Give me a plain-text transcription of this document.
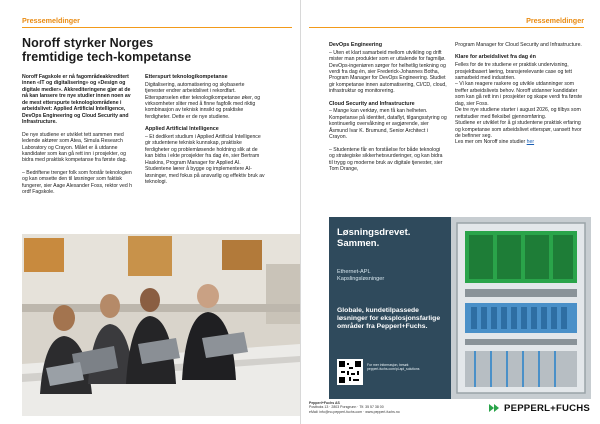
Pressemeldinger
Noroff styrker Norges
fremtidige tech-kompetanse

Noroff Fagskole er nå fagområdeakkreditert innen «IT og digitalisering» og «Design og digitale medier». Akkrediteringene gjør at de nå kan lansere tre nye studier innen noen av de mest etterspurte teknologiområdene i arbeidslivet: Applied Artificial Intelligence, DevOps Engineering og Cloud Security and Infrastructure.

De nye studiene er utviklet tett sammen med ledende aktører som Atea, Simula Research Laboratory og Crayon. Målet er å utdanne kandidater som kan gå rett inn i prosjekter, og bidra med praktisk kompetanse fra første dag.

– Bedriftene trenger folk som forstår teknologien og kan omsette den til løsninger som faktisk fungerer, sier Aage Alexander Foss, rektor ved h ordf Fagskole.

Etterspurt teknologikompetanse

Digitalisering, automatisering og skybaserte tjenester endrer arbeidslivet i rekordfart. Etterspørselen etter teknologikompetanse øker, og virksomheter sliter med å finne fagfolk med riktig kombinasjon av teknisk innsikt og praktiske ferdigheter. Dette er de nye studiene.

Applied Artificial Intelligence

– Et dedikert studium i Applied Artificial Intelligence gir studentene teknisk kunnskap, praktiske ferdigheter og problemløsende holdning slik at de kan bidra i ekte prosjekter fra dag én, sier Bertram Haskins, Program Manager for Applied AI. Studentene lærer å bygge og implementere AI-løsninger, med fokus på ansvarlig og effektiv bruk av teknologi.

Pressemeldinger
DevOps Engineering

– Uten et klart samarbeid mellom utvikling og drift mister man produkter som er uttalende for fagmiljø. DevOps-ingeniøren sørger for helhetlig tenkning og verdi fra dag én, sier Frederick-Johannes Botha, Program Manager for DevOps Engineering. Studiet gir kompetanse innen automatisering, CI/CD, cloud, infrastruktur og monitorering.

Cloud Security and Infrastructure

– Mange kan verktøy, men få kan helheten. Kompetanse på identitet, dataflyt, tilgangsstyring og kontinuerlig overvåkning er avgjørende, sier Åsmund Ivar K. Brumund, Senior Architect i Crayon.

– Studentene får en forståelse for både teknologi og strategiske sikkerhetsvurderinger, og kan bidra til trygg og moderne bruk av digitale tjenester, sier Tom Drange,

Program Manager for Cloud Security and Infrastructure.

Klare for arbeidslivet fra dag én

Felles for de tre studiene er praktisk undervisning, prosjektbasert læring, bransjerelevante case og tett samarbeid med industrien.

– Vi kan reagere raskere og utvikle utdanninger som treffer arbeidslivets behov. Noroff utdanner kandidater som kan gå rett inn i prosjekter og skape verdi fra første dag, sier Foss.

De tre nye studiene starter i august 2026, og tilbys som nettstudier med fleksibel gjennomføring.

Studiene er utviklet for å gi studentene praktisk erfaring og kompetanse som arbeidslivet etterspør, uansett hvor de befinner seg.

Les mer om Noroff sine studier her

Løsningsdrevet.
Sammen.
Ethernet-APL
Kapslingsløsninger
Globale, kundetilpassede løsninger for eksplosjonsfarlige områder fra Pepperl+Fuchs.
For mer informasjon, besøk
pepperl-fuchs.com/pl-apl_solutions
Pepperl+Fuchs AS
Postboks 13 · 2803 Porsgrunn · Tlf. 35 57 38 00
eMail: info@no.pepperl-fuchs.com · www.pepperl-fuchs.no	PEPPERL+FUCHS
